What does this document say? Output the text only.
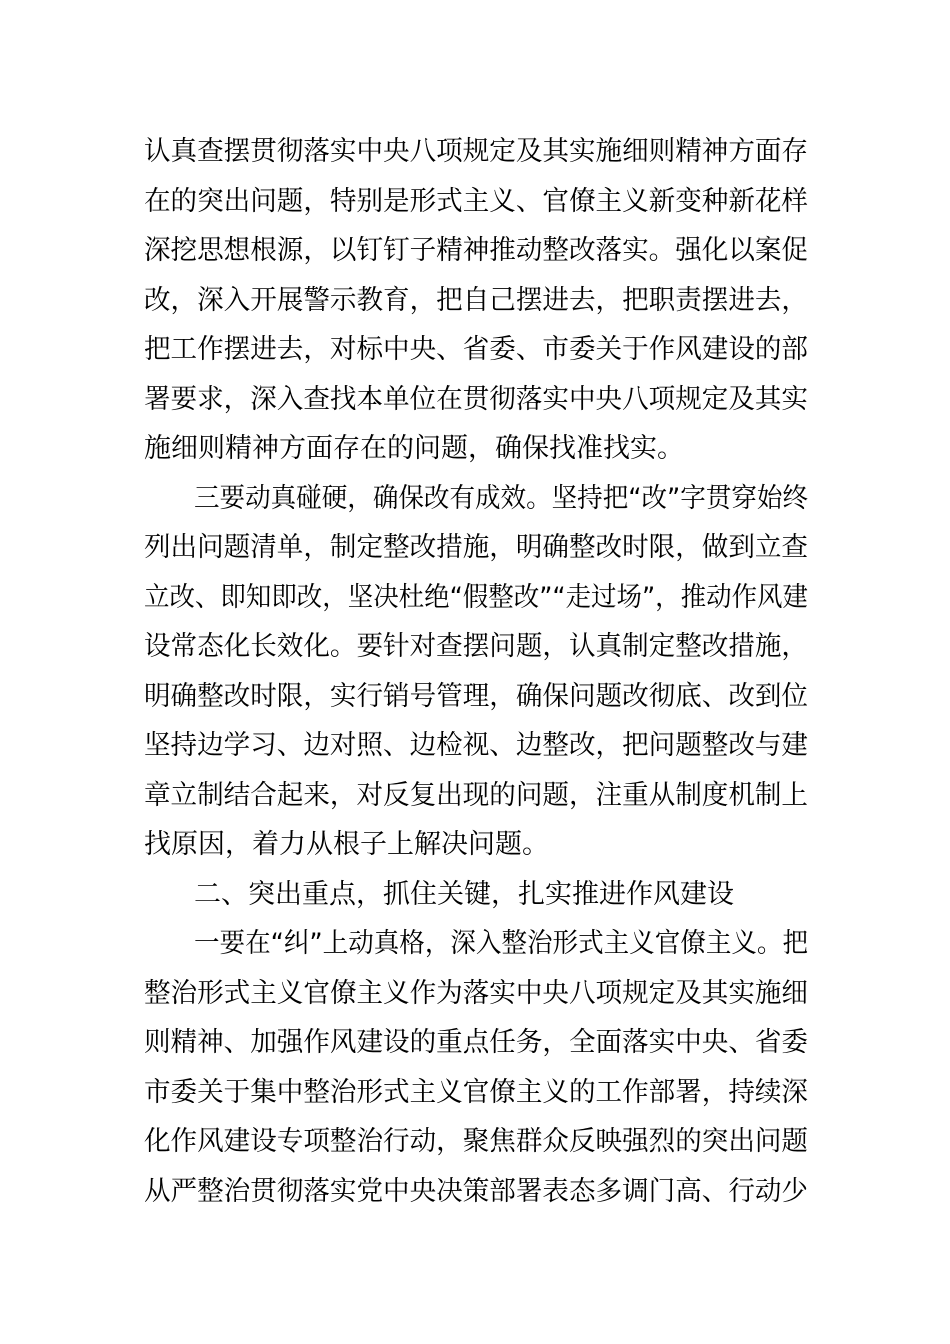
认真查摆贯彻落实中央八项规定及其实施细则精神方面存
在的突出问题，特别是形式主义、官僚主义新变种新花样
深挖思想根源，以钉钉子精神推动整改落实。强化以案促
改，深入开展警示教育，把自己摆进去，把职责摆进去，
把工作摆进去，对标中央、省委、市委关于作风建设的部
署要求，深入查找本单位在贯彻落实中央八项规定及其实
施细则精神方面存在的问题，确保找准找实。
三要动真碰硬，确保改有成效。坚持把“改”字贯穿始终
列出问题清单，制定整改措施，明确整改时限，做到立查
立改、即知即改，坚决杜绝“假整改”“走过场”，推动作风建
设常态化长效化。要针对查摆问题，认真制定整改措施，
明确整改时限，实行销号管理，确保问题改彻底、改到位
坚持边学习、边对照、边检视、边整改，把问题整改与建
章立制结合起来，对反复出现的问题，注重从制度机制上
找原因，着力从根子上解决问题。
二、突出重点，抓住关键，扎实推进作风建设
一要在“纠”上动真格，深入整治形式主义官僚主义。把
整治形式主义官僚主义作为落实中央八项规定及其实施细
则精神、加强作风建设的重点任务，全面落实中央、省委
市委关于集中整治形式主义官僚主义的工作部署，持续深
化作风建设专项整治行动，聚焦群众反映强烈的突出问题
从严整治贯彻落实党中央决策部署表态多调门高、行动少
